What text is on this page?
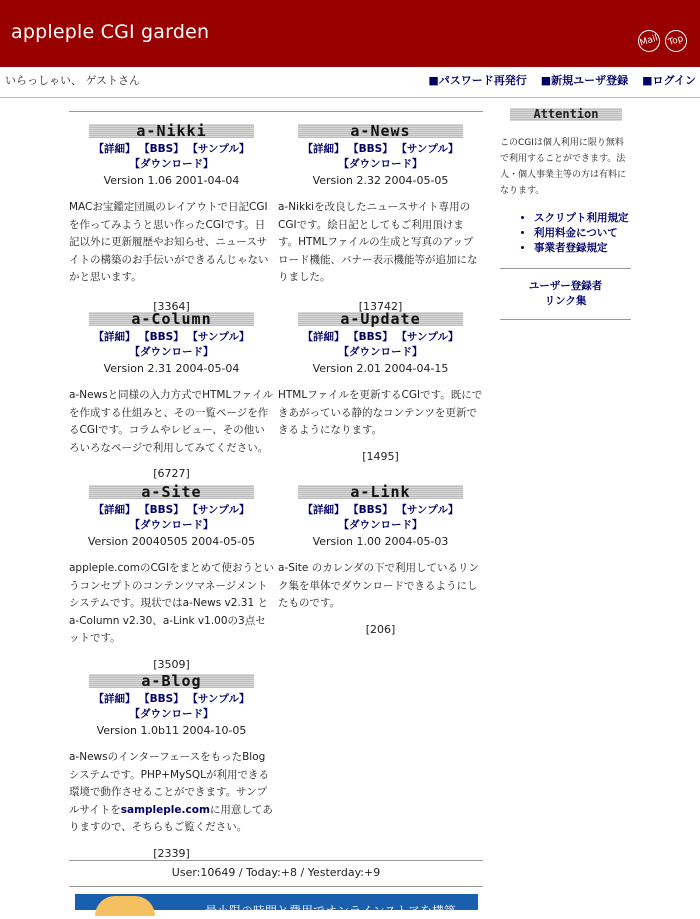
appleple CGI garden	Mail Top
いらっしゃい、 ゲストさん	■パスワード再発行 ■新規ユーザ登録 ■ログイン
a-Nikki
【詳細】 【BBS】 【サンプル】
【ダウンロード】
Version 1.06 2001-04-04
MACお宝鑑定団風のレイアウトで日記CGIを作ってみようと思い作ったCGIです。日記以外に更新履歴やお知らせ、ニュースサイトの構築のお手伝いができるんじゃないかと思います。
[3364]
a-News
【詳細】 【BBS】 【サンプル】
【ダウンロード】
Version 2.32 2004-05-05
a-Nikkiを改良したニュースサイト専用のCGIです。絵日記としてもご利用頂けます。HTMLファイルの生成と写真のアップロード機能、バナー表示機能等が追加になりました。
[13742]
a-Column
【詳細】 【BBS】 【サンプル】
【ダウンロード】
Version 2.31 2004-05-04
a-Newsと同様の入力方式でHTMLファイルを作成する仕組みと、その一覧ページを作るCGIです。コラムやレビュー、その他いろいろなページで利用してみてください。
[6727]
a-Update
【詳細】 【BBS】 【サンプル】
【ダウンロード】
Version 2.01 2004-04-15
HTMLファイルを更新するCGIです。既にできあがっている静的なコンテンツを更新できるようになります。
[1495]
a-Site
【詳細】 【BBS】 【サンプル】
【ダウンロード】
Version 20040505 2004-05-05
appleple.comのCGIをまとめて使おうというコンセプトのコンテンツマネージメントシステムです。現状ではa-News v2.31 とa-Column v2.30、a-Link v1.00の3点セットです。
[3509]
a-Link
【詳細】 【BBS】 【サンプル】
【ダウンロード】
Version 1.00 2004-05-03
a-Site のカレンダの下で利用しているリンク集を単体でダウンロードできるようにしたものです。
[206]
a-Blog
【詳細】 【BBS】 【サンプル】
【ダウンロード】
Version 1.0b11 2004-10-05
a-NewsのインターフェースをもったBlogシステムです。PHP+MySQLが利用できる環境で動作させることができます。サンプルサイトをsampleple.comに用意してありますので、そちらもご覧ください。
[2339]
User:10649 / Today:+8 / Yesterday:+9
最小限の時間と費用でオンラインストアを構築
Attention
このCGIは個人利用に限り無料で利用することができます。法人・個人事業主等の方は有料になります。
• スクリプト利用規定
• 利用料金について
• 事業者登録規定
ユーザー登録者
リンク集
